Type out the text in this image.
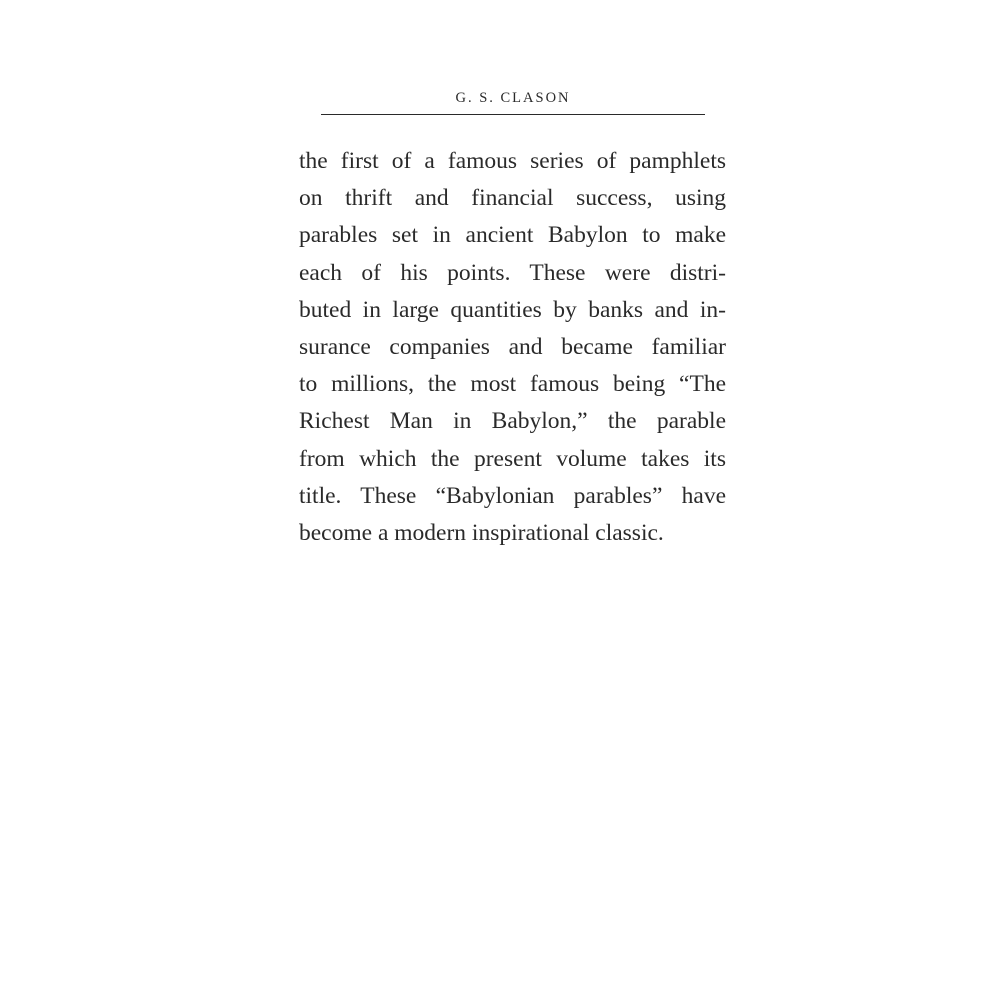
G. S. CLASON
the first of a famous series of pamphlets
on thrift and financial success, using
parables set in ancient Babylon to make
each of his points. These were distri-
buted in large quantities by banks and in-
surance companies and became familiar
to millions, the most famous being “The
Richest Man in Babylon,” the parable
from which the present volume takes its
title. These “Babylonian parables” have
become a modern inspirational classic.
